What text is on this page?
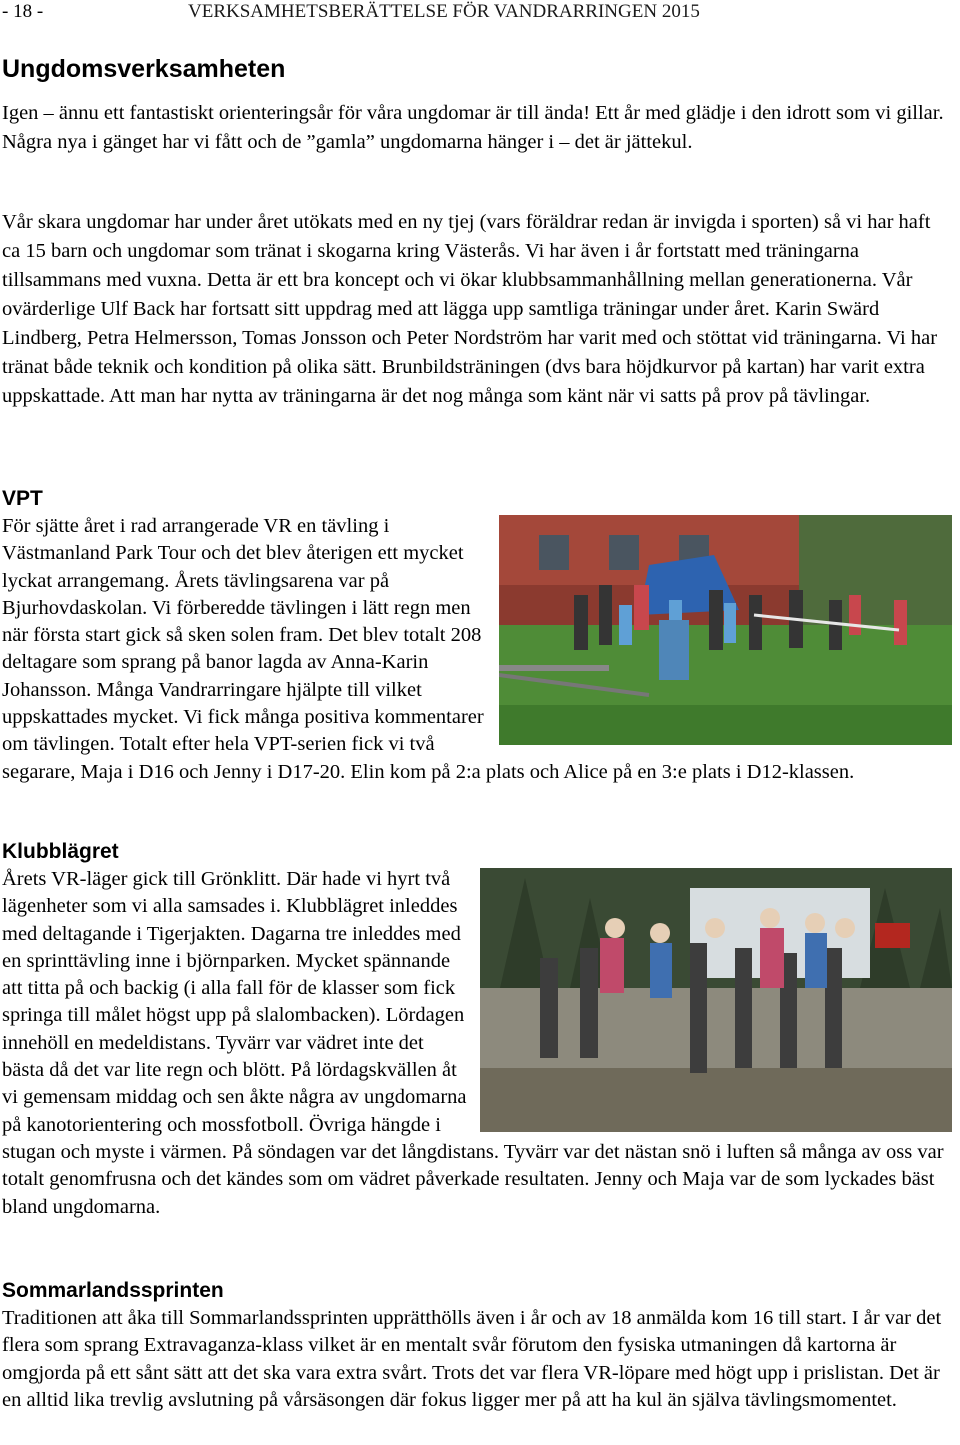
- 18 -	VERKSAMHETSBERÄTTELSE FÖR VANDRARRINGEN 2015
Ungdomsverksamheten

Igen – ännu ett fantastiskt orienteringsår för våra ungdomar är till ända! Ett år med glädje i den idrott som vi gillar. Några nya i gänget har vi fått och de ”gamla” ungdomarna hänger i – det är jättekul.

Vår skara ungdomar har under året utökats med en ny tjej (vars föräldrar redan är invigda i sporten) så vi har haft ca 15 barn och ungdomar som tränat i skogarna kring Västerås. Vi har även i år fortstatt med träningarna tillsammans med vuxna. Detta är ett bra koncept och vi ökar klubbsammanhållning mellan generationerna. Vår ovärderlige Ulf Back har fortsatt sitt uppdrag med att lägga upp samtliga träningar under året. Karin Swärd Lindberg, Petra Helmersson, Tomas Jonsson och Peter Nordström har varit med och stöttat vid träningarna. Vi har tränat både teknik och kondition på olika sätt. Brunbildsträningen (dvs bara höjdkurvor på kartan) har varit extra uppskattade. Att man har nytta av träningarna är det nog många som känt när vi satts på prov på tävlingar.

VPT
För sjätte året i rad arrangerade VR en tävling i Västmanland Park Tour och det blev återigen ett mycket lyckat arrangemang. Årets tävlingsarena var på Bjurhovdaskolan. Vi förberedde tävlingen i lätt regn men när första start gick så sken solen fram. Det blev totalt 208 deltagare som sprang på banor lagda av Anna-Karin Johansson. Många Vandrarringare hjälpte till vilket uppskattades mycket. Vi fick många positiva kommentarer om tävlingen. Totalt efter hela VPT-serien fick vi två segarare, Maja i D16 och Jenny i D17-20. Elin kom på 2:a plats och Alice på en 3:e plats i D12-klassen.
Klubblägret
Årets VR-läger gick till Grönklitt. Där hade vi hyrt två lägenheter som vi alla samsades i. Klubblägret inleddes med deltagande i Tigerjakten. Dagarna tre inleddes med en sprinttävling inne i björnparken. Mycket spännande att titta på och backig (i alla fall för de klasser som fick springa till målet högst upp på slalombacken). Lördagen innehöll en medeldistans. Tyvärr var vädret inte det bästa då det var lite regn och blött. På lördagskvällen åt vi gemensam middag och sen åkte några av ungdomarna på kanotorientering och mossfotboll. Övriga hängde i stugan och myste i värmen. På söndagen var det långdistans. Tyvärr var det nästan snö i luften så många av oss var totalt genomfrusna och det kändes som om vädret påverkade resultaten. Jenny och Maja var de som lyckades bäst bland ungdomarna.
Sommarlandssprinten

Traditionen att åka till Sommarlandssprinten upprätthölls även i år och av 18 anmälda kom 16 till start. I år var det flera som sprang Extravaganza-klass vilket är en mentalt svår förutom den fysiska utmaningen då kartorna är omgjorda på ett sånt sätt att det ska vara extra svårt. Trots det var flera VR-löpare med högt upp i prislistan. Det är en alltid lika trevlig avslutning på vårsäsongen där fokus ligger mer på att ha kul än själva tävlingsmomentet.
